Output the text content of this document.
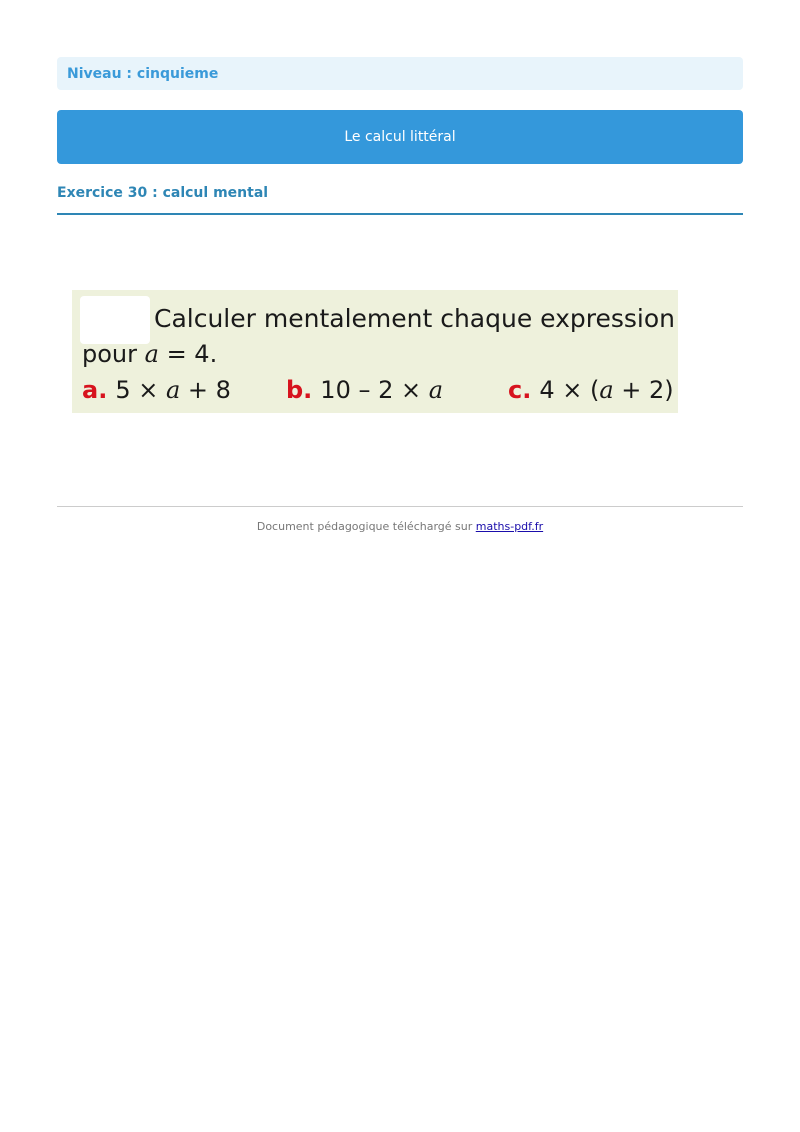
Niveau : cinquieme
Le calcul littéral
Exercice 30 : calcul mental
Calculer mentalement chaque expression
pour a = 4.
a. 5 × a + 8 b. 10 – 2 × a	c. 4 × (a + 2)
Document pédagogique téléchargé sur maths-pdf.fr
